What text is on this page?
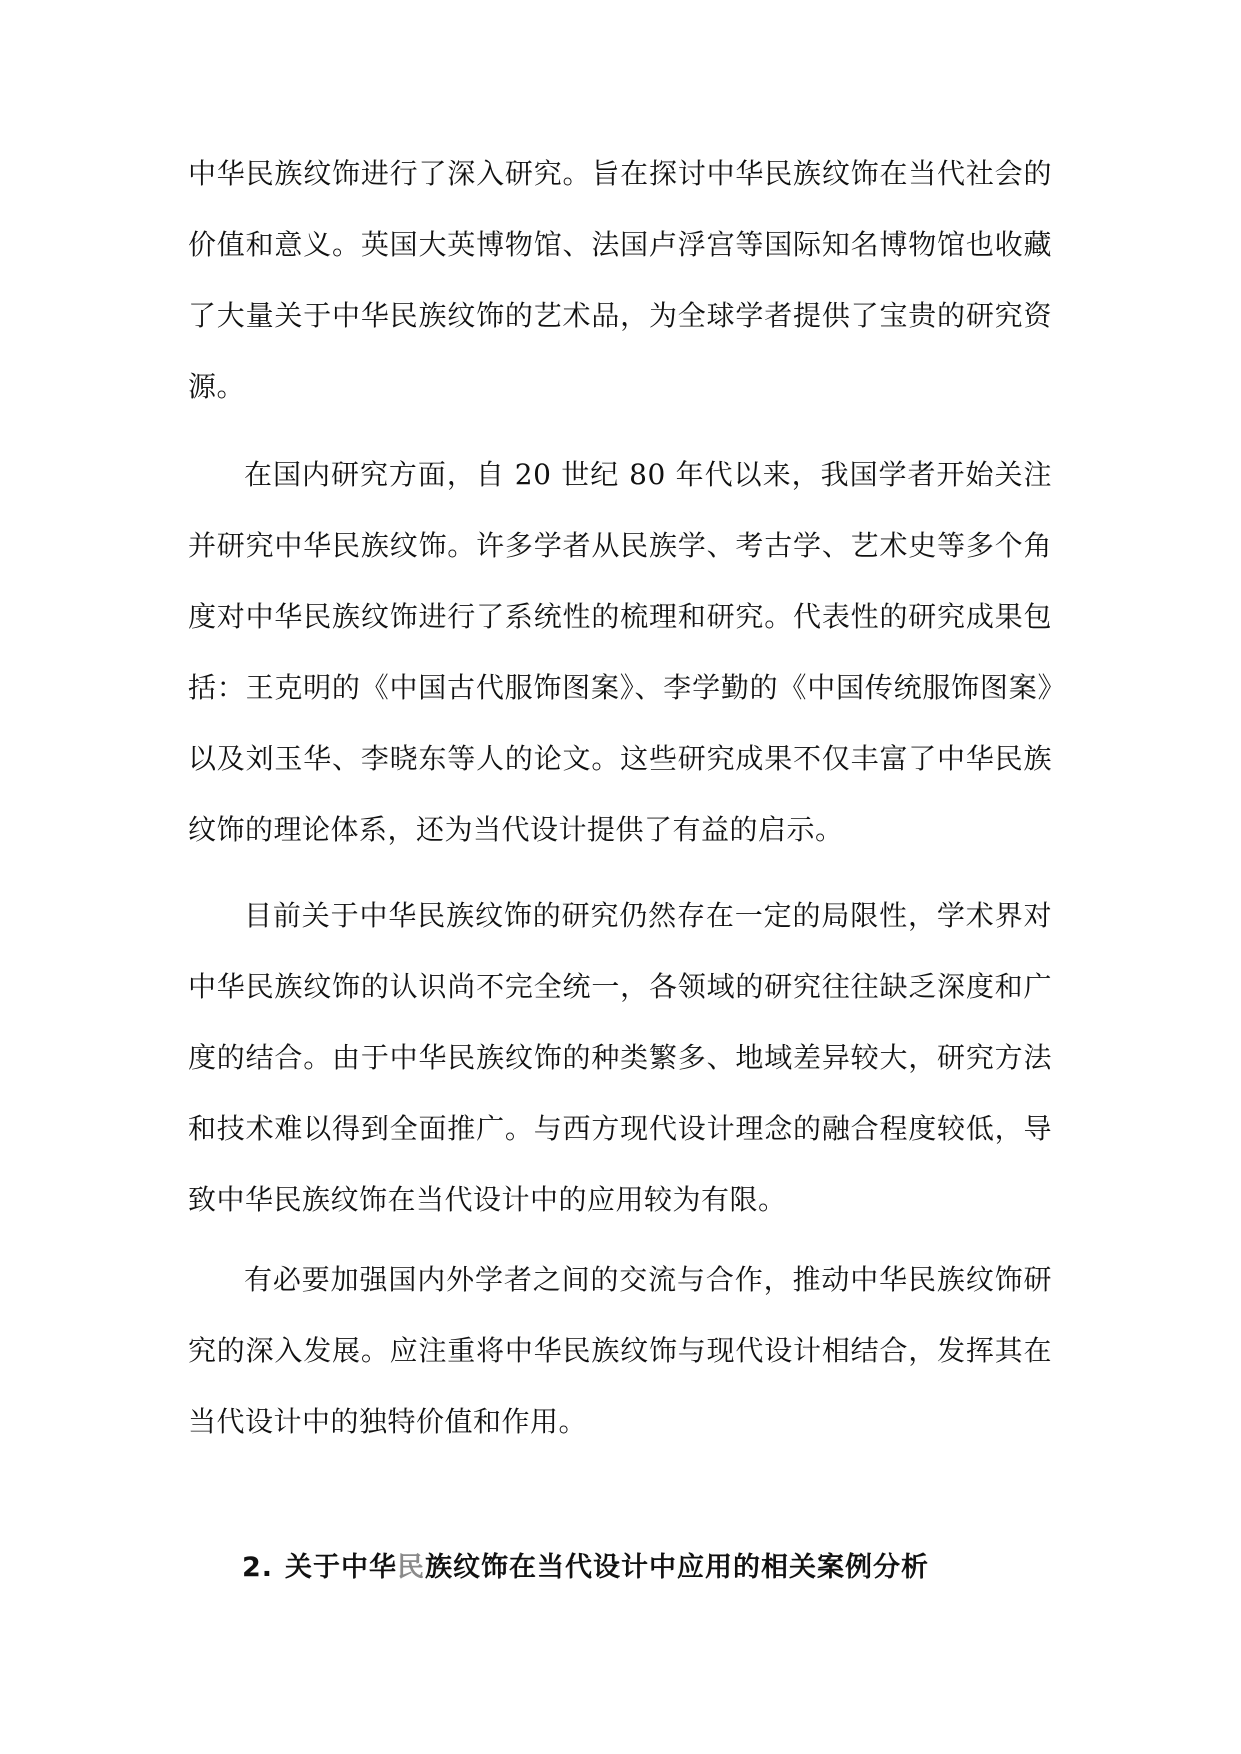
中华民族纹饰进行了深入研究。旨在探讨中华民族纹饰在当代社会的价值和意义。英国大英博物馆、法国卢浮宫等国际知名博物馆也收藏了大量关于中华民族纹饰的艺术品，为全球学者提供了宝贵的研究资源。
在国内研究方面，自 20 世纪 80 年代以来，我国学者开始关注并研究中华民族纹饰。许多学者从民族学、考古学、艺术史等多个角度对中华民族纹饰进行了系统性的梳理和研究。代表性的研究成果包括：王克明的《中国古代服饰图案》、李学勤的《中国传统服饰图案》以及刘玉华、李晓东等人的论文。这些研究成果不仅丰富了中华民族纹饰的理论体系，还为当代设计提供了有益的启示。
目前关于中华民族纹饰的研究仍然存在一定的局限性，学术界对中华民族纹饰的认识尚不完全统一，各领域的研究往往缺乏深度和广度的结合。由于中华民族纹饰的种类繁多、地域差异较大，研究方法和技术难以得到全面推广。与西方现代设计理念的融合程度较低，导致中华民族纹饰在当代设计中的应用较为有限。
有必要加强国内外学者之间的交流与合作，推动中华民族纹饰研究的深入发展。应注重将中华民族纹饰与现代设计相结合，发挥其在当代设计中的独特价值和作用。
2. 关于中华民族纹饰在当代设计中应用的相关案例分析
